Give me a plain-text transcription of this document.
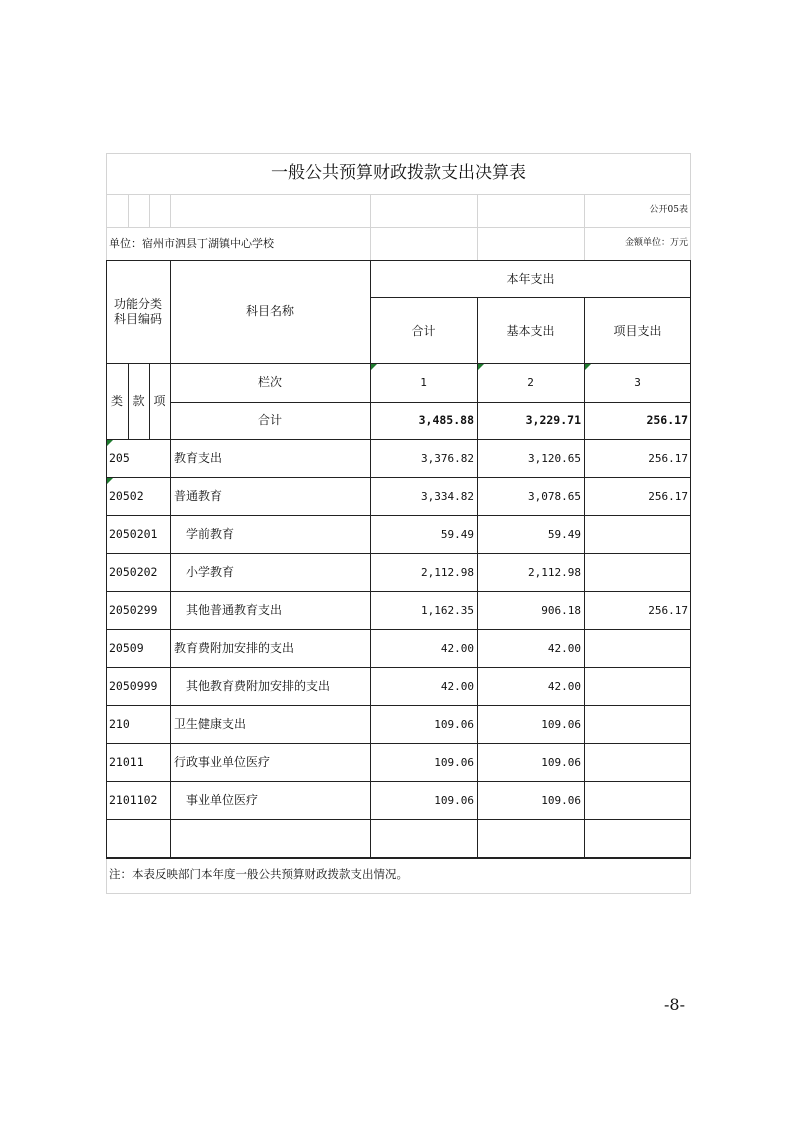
一般公共预算财政拨款支出决算表
公开05表
单位：宿州市泗县丁湖镇中心学校	金额单位：万元
功能分类
科目编码
科目名称
本年支出
合计	基本支出	项目支出
类 款 项
栏次	1	2	3
合计	3,485.88	3,229.71	256.17
205	教育支出	3,376.82	3,120.65	256.17
20502	普通教育	3,334.82	3,078.65	256.17
2050201 学前教育	59.49	59.49
2050202 小学教育	2,112.98	2,112.98
2050299 其他普通教育支出	1,162.35	906.18	256.17
20509	教育费附加安排的支出	42.00	42.00
2050999 其他教育费附加安排的支出	42.00	42.00
210	卫生健康支出	109.06	109.06
21011	行政事业单位医疗	109.06	109.06
2101102 事业单位医疗	109.06	109.06
注：本表反映部门本年度一般公共预算财政拨款支出情况。
-8-
